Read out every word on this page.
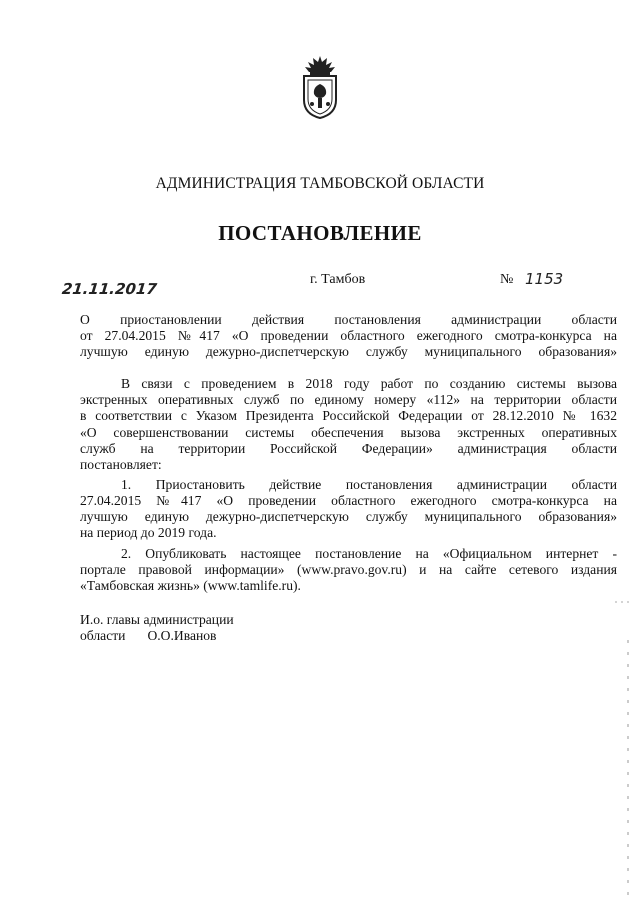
АДМИНИСТРАЦИЯ ТАМБОВСКОЙ ОБЛАСТИ
ПОСТАНОВЛЕНИЕ
21.11.2017
г. Тамбов	№ 1153
О приостановлении действия постановления администрации области
от 27.04.2015 №417 «О проведении областного ежегодного смотра-конкурса на
лучшую единую дежурно-диспетчерскую службу муниципального образования»
В связи с проведением в 2018 году работ по созданию системы вызова
экстренных оперативных служб по единому номеру «112» на территории области
в соответствии с Указом Президента Российской Федерации от 28.12.2010 № 1632
«О совершенствовании системы обеспечения вызова экстренных оперативных
служб на территории Российской Федерации» администрация области
постановляет:
1. Приостановить действие постановления администрации области
27.04.2015 №417 «О проведении областного ежегодного смотра-конкурса на
лучшую единую дежурно-диспетчерскую службу муниципального образования»
на период до 2019 года.
2. Опубликовать настоящее постановление на «Официальном интернет -
портале правовой информации» (www.pravo.gov.ru) и на сайте сетевого издания
«Тамбовская жизнь» (www.tamlife.ru).
И.о. главы администрации
области О.О.Иванов
